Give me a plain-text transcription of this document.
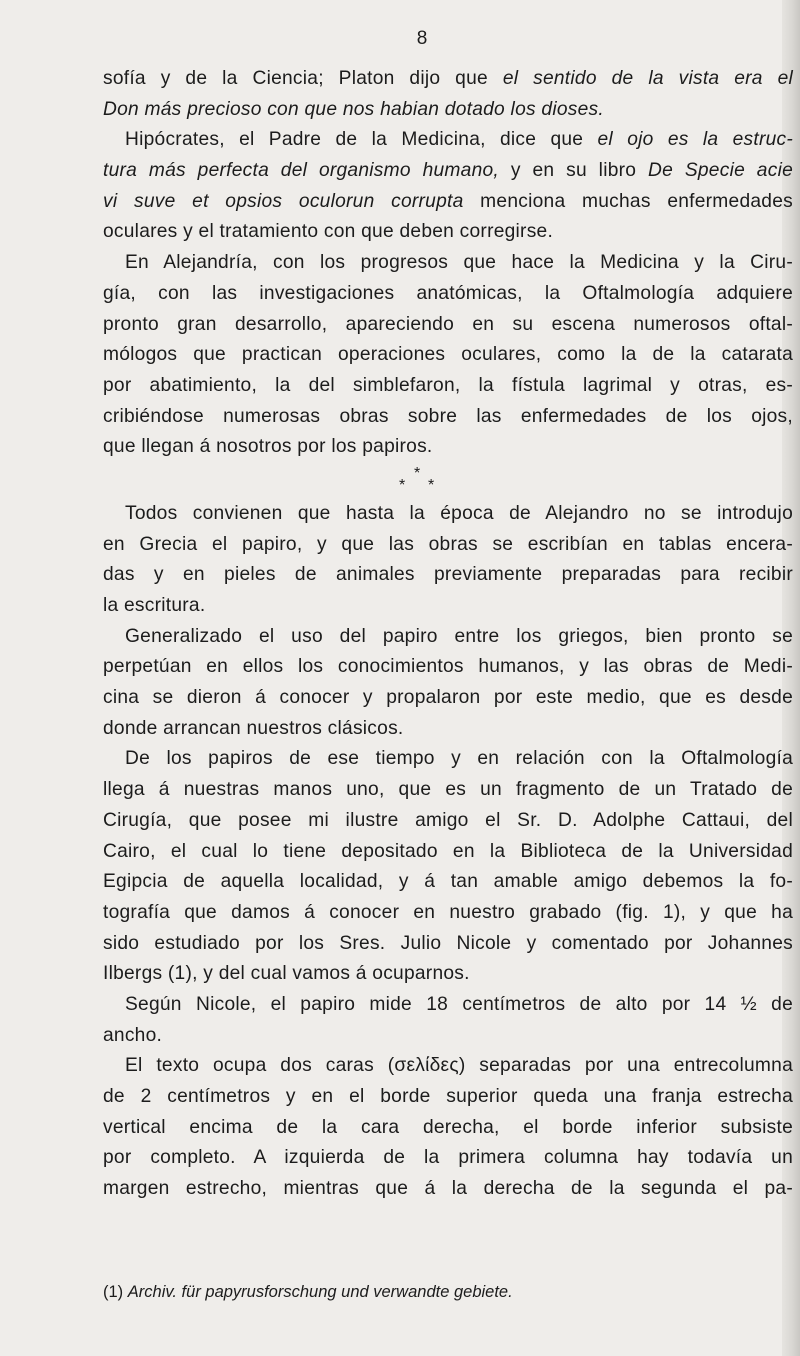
8
sofía y de la Ciencia; Platon dijo que el sentido de la vista era el
Don más precioso con que nos habian dotado los dioses.
Hipócrates, el Padre de la Medicina, dice que el ojo es la estruc-
tura más perfecta del organismo humano, y en su libro De Specie acie
vi suve et opsios oculorun corrupta menciona muchas enfermedades
oculares y el tratamiento con que deben corregirse.
En Alejandría, con los progresos que hace la Medicina y la Ciru-
gía, con las investigaciones anatómicas, la Oftalmología adquiere
pronto gran desarrollo, apareciendo en su escena numerosos oftal-
mólogos que practican operaciones oculares, como la de la catarata
por abatimiento, la del simblefaron, la fístula lagrimal y otras, es-
cribiéndose numerosas obras sobre las enfermedades de los ojos,
que llegan á nosotros por los papiros.
*
* *
Todos convienen que hasta la época de Alejandro no se introdujo
en Grecia el papiro, y que las obras se escribían en tablas encera-
das y en pieles de animales previamente preparadas para recibir
la escritura.
Generalizado el uso del papiro entre los griegos, bien pronto se
perpetúan en ellos los conocimientos humanos, y las obras de Medi-
cina se dieron á conocer y propalaron por este medio, que es desde
donde arrancan nuestros clásicos.
De los papiros de ese tiempo y en relación con la Oftalmología
llega á nuestras manos uno, que es un fragmento de un Tratado de
Cirugía, que posee mi ilustre amigo el Sr. D. Adolphe Cattaui, del
Cairo, el cual lo tiene depositado en la Biblioteca de la Universidad
Egipcia de aquella localidad, y á tan amable amigo debemos la fo-
tografía que damos á conocer en nuestro grabado (fig. 1), y que ha
sido estudiado por los Sres. Julio Nicole y comentado por Johannes
Ilbergs (1), y del cual vamos á ocuparnos.
Según Nicole, el papiro mide 18 centímetros de alto por 14 ½ de
ancho.
El texto ocupa dos caras (σελίδες) separadas por una entrecolumna
de 2 centímetros y en el borde superior queda una franja estrecha
vertical encima de la cara derecha, el borde inferior subsiste
por completo. A izquierda de la primera columna hay todavía un
margen estrecho, mientras que á la derecha de la segunda el pa-
(1) Archiv. für papyrusforschung und verwandte gebiete.
